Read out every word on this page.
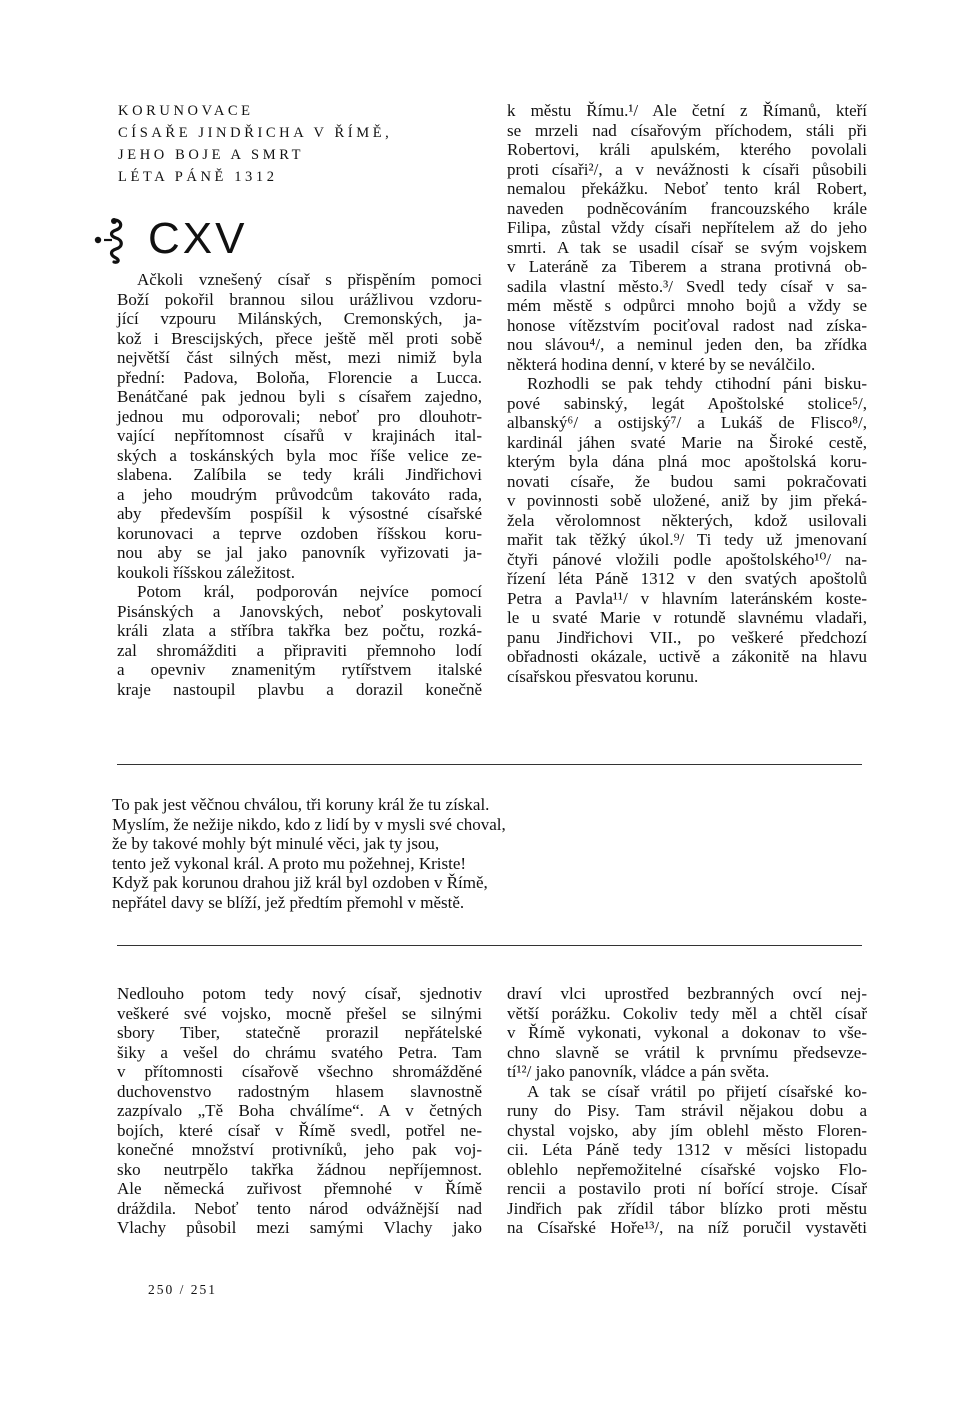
KORUNOVACE
CÍSAŘE JINDŘICHA V ŘÍMĚ,
JEHO BOJE A SMRT
LÉTA PÁNĚ 1312
CXV
Ačkoli vznešený císař s přispěním pomoci
Boží pokořil brannou silou urážlivou vzdoru-
jící vzpouru Milánských, Cremonských, ja-
kož i Brescijských, přece ještě měl proti sobě
největší část silných měst, mezi nimiž byla
přední: Padova, Boloňa, Florencie a Lucca.
Benátčané pak jednou byli s císařem zajedno,
jednou mu odporovali; neboť pro dlouhotr-
vající nepřítomnost císařů v krajinách ital-
ských a toskánských byla moc říše velice ze-
slabena. Zalíbila se tedy králi Jindřichovi
a jeho moudrým průvodcům takováto rada,
aby především pospíšil k výsostné císařské
korunovaci a teprve ozdoben říšskou koru-
nou aby se jal jako panovník vyřizovati ja-
koukoli říšskou záležitost.
Potom král, podporován nejvíce pomocí
Pisánských a Janovských, neboť poskytovali
králi zlata a stříbra takřka bez počtu, rozká-
zal shromážditi a připraviti přemnoho lodí
a opevniv znamenitým rytířstvem italské
kraje nastoupil plavbu a dorazil konečně
k městu Římu.¹/ Ale četní z Římanů, kteří
se mrzeli nad císařovým příchodem, stáli při
Robertovi, králi apulském, kterého povolali
proti císaři²/, a v nevážnosti k císaři působili
nemalou překážku. Neboť tento král Robert,
naveden podněcováním francouzského krále
Filipa, zůstal vždy císaři nepřítelem až do jeho
smrti. A tak se usadil císař se svým vojskem
v Lateráně za Tiberem a strana protivná ob-
sadila vlastní město.³/ Svedl tedy císař v sa-
mém městě s odpůrci mnoho bojů a vždy se
honose vítězstvím pociťoval radost nad získa-
nou slávou⁴/, a neminul jeden den, ba zřídka
některá hodina denní, v které by se neválčilo.
Rozhodli se pak tehdy ctihodní páni bisku-
pové sabinský, legát Apoštolské stolice⁵/,
albanský⁶/ a ostijský⁷/ a Lukáš de Flisco⁸/,
kardinál jáhen svaté Marie na Široké cestě,
kterým byla dána plná moc apoštolská koru-
novati císaře, že budou sami pokračovati
v povinnosti sobě uložené, aniž by jim překá-
žela věrolomnost některých, kdož usilovali
mařit tak těžký úkol.⁹/ Ti tedy už jmenovaní
čtyři pánové vložili podle apoštolského¹⁰/ na-
řízení léta Páně 1312 v den svatých apoštolů
Petra a Pavla¹¹/ v hlavním lateránském koste-
le u svaté Marie v rotundě slavnému vladaři,
panu Jindřichovi VII., po veškeré předchozí
obřadnosti okázale, uctivě a zákonitě na hlavu
císařskou přesvatou korunu.
To pak jest věčnou chválou, tři koruny král že tu získal.
Myslím, že nežije nikdo, kdo z lidí by v mysli své choval,
že by takové mohly být minulé věci, jak ty jsou,
tento jež vykonal král. A proto mu požehnej, Kriste!
Když pak korunou drahou již král byl ozdoben v Římě,
nepřátel davy se blíží, jež předtím přemohl v městě.
Nedlouho potom tedy nový císař, sjednotiv
veškeré své vojsko, mocně přešel se silnými
sbory Tiber, statečně prorazil nepřátelské
šiky a vešel do chrámu svatého Petra. Tam
v přítomnosti císařově všechno shromážděné
duchovenstvo radostným hlasem slavnostně
zazpívalo „Tě Boha chválíme“. A v četných
bojích, které císař v Římě svedl, potřel ne-
konečné množství protivníků, jeho pak voj-
sko neutrpělo takřka žádnou nepříjemnost.
Ale německá zuřivost přemnohé v Římě
dráždila. Neboť tento národ odvážnější nad
Vlachy působil mezi samými Vlachy jako
draví vlci uprostřed bezbranných ovcí nej-
větší porážku. Cokoliv tedy měl a chtěl císař
v Římě vykonati, vykonal a dokonav to vše-
chno slavně se vrátil k prvnímu předsevze-
tí¹²/ jako panovník, vládce a pán světa.
A tak se císař vrátil po přijetí císařské ko-
runy do Pisy. Tam strávil nějakou dobu a
chystal vojsko, aby jím oblehl město Floren-
cii. Léta Páně tedy 1312 v měsíci listopadu
oblehlo nepřemožitelné císařské vojsko Flo-
rencii a postavilo proti ní bořící stroje. Císař
Jindřich pak zřídil tábor blízko proti městu
na Císařské Hoře¹³/, na níž poručil vystavěti
250 / 251
